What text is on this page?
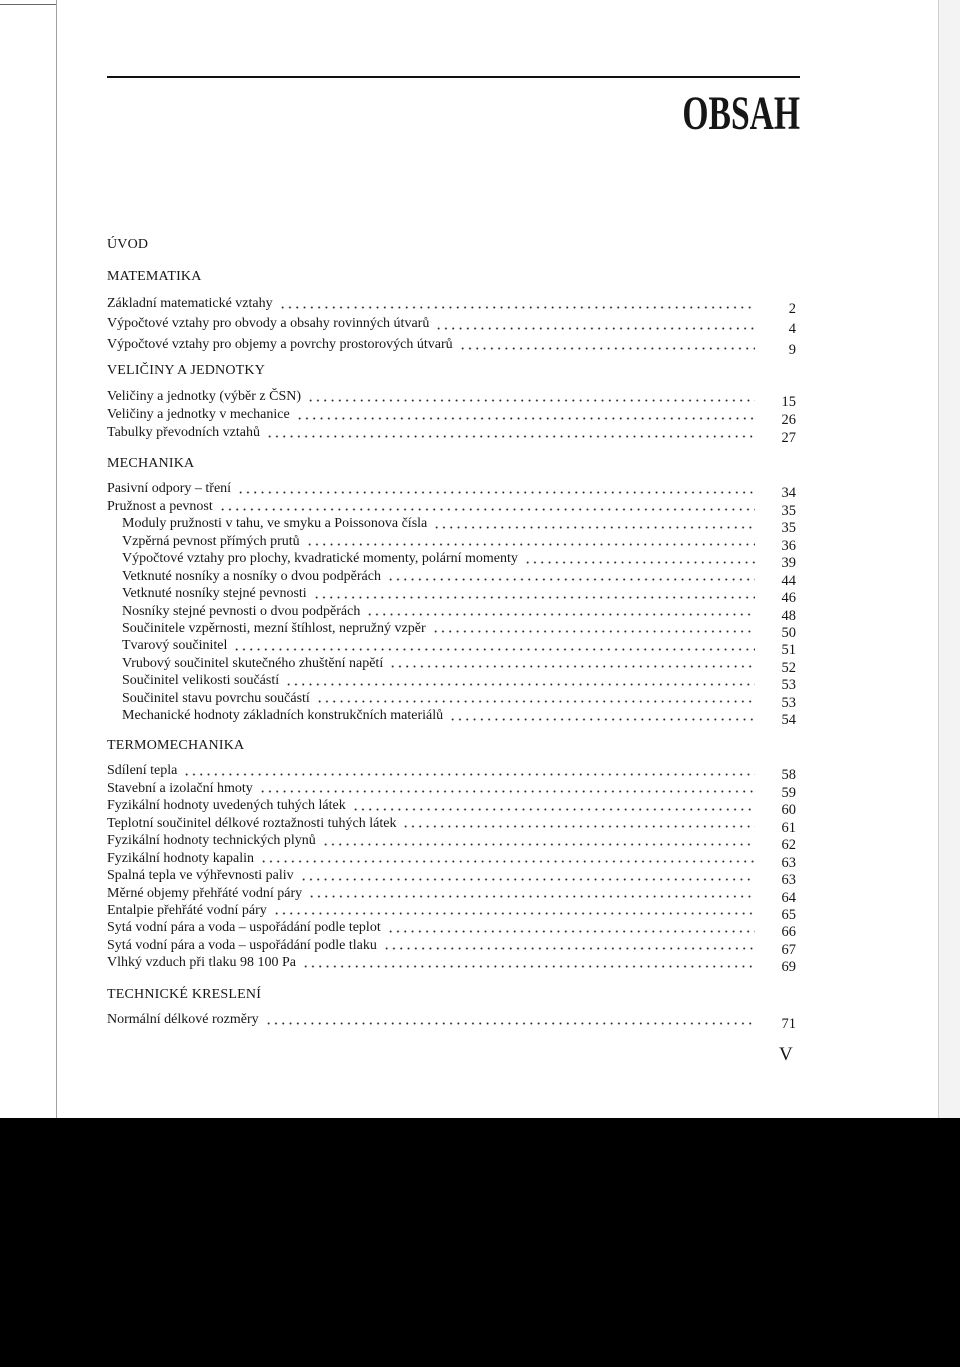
OBSAH
ÚVOD
MATEMATIKA
Základní matematické vztahy	2
Výpočtové vztahy pro obvody a obsahy rovinných útvarů	4
Výpočtové vztahy pro objemy a povrchy prostorových útvarů	9
VELIČINY A JEDNOTKY
Veličiny a jednotky (výběr z ČSN)	15
Veličiny a jednotky v mechanice	26
Tabulky převodních vztahů	27
MECHANIKA
Pasivní odpory – tření	34
Pružnost a pevnost	35
Moduly pružnosti v tahu, ve smyku a Poissonova čísla	35
Vzpěrná pevnost přímých prutů	36
Výpočtové vztahy pro plochy, kvadratické momenty, polární momenty	39
Vetknuté nosníky a nosníky o dvou podpěrách	44
Vetknuté nosníky stejné pevnosti	46
Nosníky stejné pevnosti o dvou podpěrách	48
Součinitele vzpěrnosti, mezní štíhlost, nepružný vzpěr	50
Tvarový součinitel	51
Vrubový součinitel skutečného zhuštění napětí	52
Součinitel velikosti součástí	53
Součinitel stavu povrchu součástí	53
Mechanické hodnoty základních konstrukčních materiálů	54
TERMOMECHANIKA
Sdílení tepla	58
Stavební a izolační hmoty	59
Fyzikální hodnoty uvedených tuhých látek	60
Teplotní součinitel délkové roztažnosti tuhých látek	61
Fyzikální hodnoty technických plynů	62
Fyzikální hodnoty kapalin	63
Spalná tepla ve výhřevnosti paliv	63
Měrné objemy přehřáté vodní páry	64
Entalpie přehřáté vodní páry	65
Sytá vodní pára a voda – uspořádání podle teplot	66
Sytá vodní pára a voda – uspořádání podle tlaku	67
Vlhký vzduch při tlaku 98 100 Pa	69
TECHNICKÉ KRESLENÍ
Normální délkové rozměry	71
V
